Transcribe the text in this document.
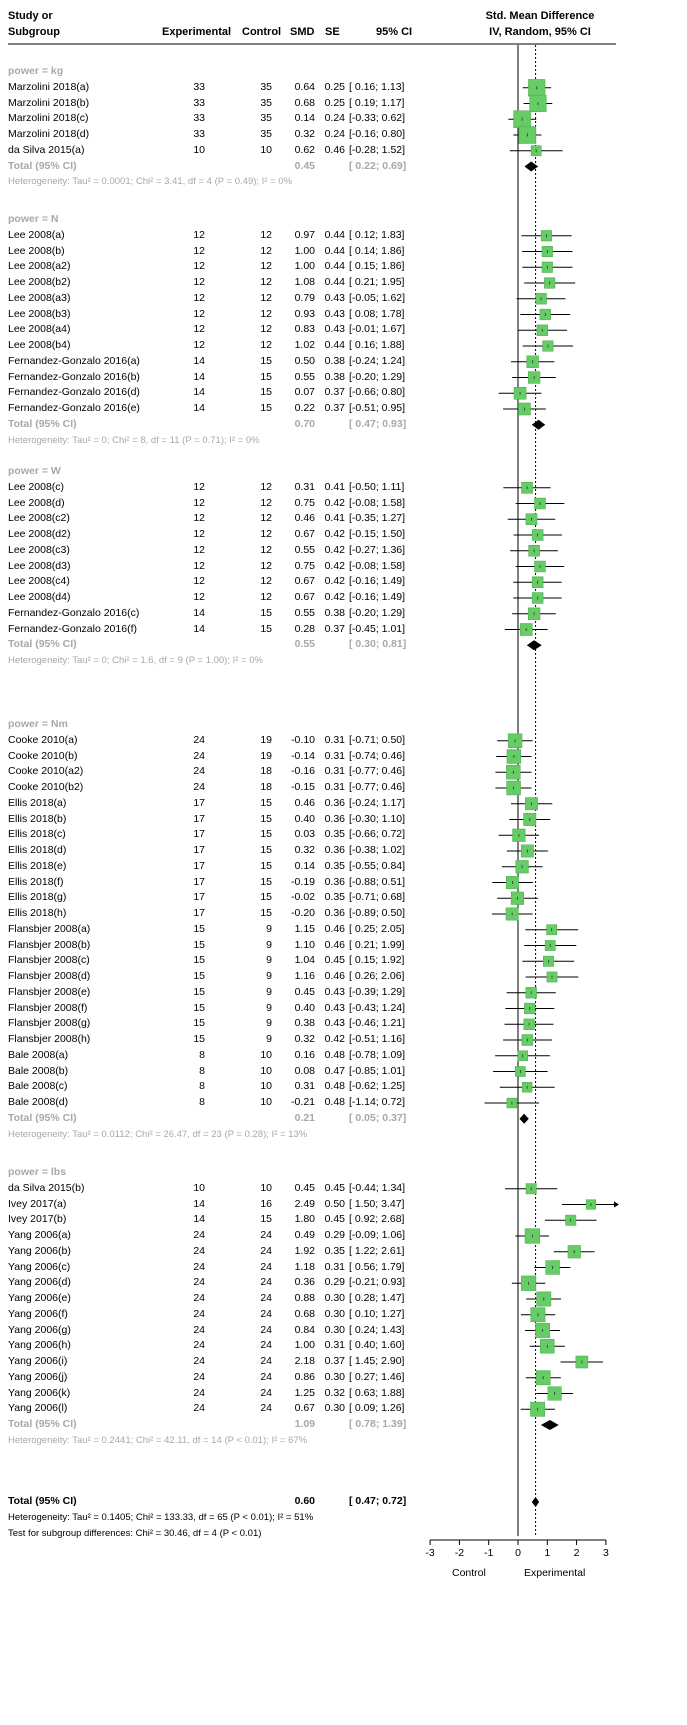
Study or
Subgroup	Experimental Control SMD SE	95% CI
Std. Mean Difference
IV, Random, 95% CI
power = kg
Marzolini 2018(a)	33	35 0.64 0.25 [ 0.16; 1.13]
Marzolini 2018(b)	33	35 0.68 0.25 [ 0.19; 1.17]
Marzolini 2018(c)	33	35 0.14 0.24 [-0.33; 0.62]
Marzolini 2018(d)	33	35 0.32 0.24 [-0.16; 0.80]
da Silva 2015(a)	10	10 0.62 0.46 [-0.28; 1.52]
Total (95% CI)	0.45	[ 0.22; 0.69]
Heterogeneity: Tau² = 0.0001; Chi² = 3.41, df = 4 (P = 0.49); I² = 0%
power = N
Lee 2008(a)	12	12 0.97 0.44 [ 0.12; 1.83]
Lee 2008(b)	12	12 1.00 0.44 [ 0.14; 1.86]
Lee 2008(a2)	12	12 1.00 0.44 [ 0.15; 1.86]
Lee 2008(b2)	12	12 1.08 0.44 [ 0.21; 1.95]
Lee 2008(a3)	12	12 0.79 0.43 [-0.05; 1.62]
Lee 2008(b3)	12	12 0.93 0.43 [ 0.08; 1.78]
Lee 2008(a4)	12	12 0.83 0.43 [-0.01; 1.67]
Lee 2008(b4)	12	12 1.02 0.44 [ 0.16; 1.88]
Fernandez-Gonzalo 2016(a)	14	15 0.50 0.38 [-0.24; 1.24]
Fernandez-Gonzalo 2016(b)	14	15 0.55 0.38 [-0.20; 1.29]
Fernandez-Gonzalo 2016(d)	14	15 0.07 0.37 [-0.66; 0.80]
Fernandez-Gonzalo 2016(e)	14	15 0.22 0.37 [-0.51; 0.95]
Total (95% CI)	0.70	[ 0.47; 0.93]
Heterogeneity: Tau² = 0; Chi² = 8, df = 11 (P = 0.71); I² = 0%
power = W
Lee 2008(c)	12	12 0.31 0.41 [-0.50; 1.11]
Lee 2008(d)	12	12 0.75 0.42 [-0.08; 1.58]
Lee 2008(c2)	12	12 0.46 0.41 [-0.35; 1.27]
Lee 2008(d2)	12	12 0.67 0.42 [-0.15; 1.50]
Lee 2008(c3)	12	12 0.55 0.42 [-0.27; 1.36]
Lee 2008(d3)	12	12 0.75 0.42 [-0.08; 1.58]
Lee 2008(c4)	12	12 0.67 0.42 [-0.16; 1.49]
Lee 2008(d4)	12	12 0.67 0.42 [-0.16; 1.49]
Fernandez-Gonzalo 2016(c)	14	15 0.55 0.38 [-0.20; 1.29]
Fernandez-Gonzalo 2016(f)	14	15 0.28 0.37 [-0.45; 1.01]
Total (95% CI)	0.55	[ 0.30; 0.81]
Heterogeneity: Tau² = 0; Chi² = 1.6, df = 9 (P = 1.00); I² = 0%
power = Nm
Cooke 2010(a)	24	19 -0.10 0.31 [-0.71; 0.50]
Cooke 2010(b)	24	19 -0.14 0.31 [-0.74; 0.46]
Cooke 2010(a2)	24	18 -0.16 0.31 [-0.77; 0.46]
Cooke 2010(b2)	24	18 -0.15 0.31 [-0.77; 0.46]
Ellis 2018(a)	17	15 0.46 0.36 [-0.24; 1.17]
Ellis 2018(b)	17	15 0.40 0.36 [-0.30; 1.10]
Ellis 2018(c)	17	15 0.03 0.35 [-0.66; 0.72]
Ellis 2018(d)	17	15 0.32 0.36 [-0.38; 1.02]
Ellis 2018(e)	17	15 0.14 0.35 [-0.55; 0.84]
Ellis 2018(f)	17	15 -0.19 0.36 [-0.88; 0.51]
Ellis 2018(g)	17	15 -0.02 0.35 [-0.71; 0.68]
Ellis 2018(h)	17	15 -0.20 0.36 [-0.89; 0.50]
Flansbjer 2008(a)	15	9 1.15 0.46 [ 0.25; 2.05]
Flansbjer 2008(b)	15	9 1.10 0.46 [ 0.21; 1.99]
Flansbjer 2008(c)	15	9 1.04 0.45 [ 0.15; 1.92]
Flansbjer 2008(d)	15	9 1.16 0.46 [ 0.26; 2.06]
Flansbjer 2008(e)	15	9 0.45 0.43 [-0.39; 1.29]
Flansbjer 2008(f)	15	9 0.40 0.43 [-0.43; 1.24]
Flansbjer 2008(g)	15	9 0.38 0.43 [-0.46; 1.21]
Flansbjer 2008(h)	15	9 0.32 0.42 [-0.51; 1.16]
Bale 2008(a)	8	10 0.16 0.48 [-0.78; 1.09]
Bale 2008(b)	8	10 0.08 0.47 [-0.85; 1.01]
Bale 2008(c)	8	10 0.31 0.48 [-0.62; 1.25]
Bale 2008(d)	8	10 -0.21 0.48 [-1.14; 0.72]
Total (95% CI)	0.21	[ 0.05; 0.37]
Heterogeneity: Tau² = 0.0112; Chi² = 26.47, df = 23 (P = 0.28); I² = 13%
power = lbs
da Silva 2015(b)	10	10 0.45 0.45 [-0.44; 1.34]
Ivey 2017(a)	14	16 2.49 0.50 [ 1.50; 3.47]
Ivey 2017(b)	14	15 1.80 0.45 [ 0.92; 2.68]
Yang 2006(a)	24	24 0.49 0.29 [-0.09; 1.06]
Yang 2006(b)	24	24 1.92 0.35 [ 1.22; 2.61]
Yang 2006(c)	24	24 1.18 0.31 [ 0.56; 1.79]
Yang 2006(d)	24	24 0.36 0.29 [-0.21; 0.93]
Yang 2006(e)	24	24 0.88 0.30 [ 0.28; 1.47]
Yang 2006(f)	24	24 0.68 0.30 [ 0.10; 1.27]
Yang 2006(g)	24	24 0.84 0.30 [ 0.24; 1.43]
Yang 2006(h)	24	24 1.00 0.31 [ 0.40; 1.60]
Yang 2006(i)	24	24 2.18 0.37 [ 1.45; 2.90]
Yang 2006(j)	24	24 0.86 0.30 [ 0.27; 1.46]
Yang 2006(k)	24	24 1.25 0.32 [ 0.63; 1.88]
Yang 2006(l)	24	24 0.67 0.30 [ 0.09; 1.26]
Total (95% CI)	1.09	[ 0.78; 1.39]
Heterogeneity: Tau² = 0.2441; Chi² = 42.11, df = 14 (P < 0.01); I² = 67%
Total (95% CI)	0.60	[ 0.47; 0.72]
Heterogeneity: Tau² = 0.1405; Chi² = 133.33, df = 65 (P < 0.01); I² = 51%
Test for subgroup differences: Chi² = 30.46, df = 4 (P < 0.01)
-3	-2	-1	0	1	2	3
Control	Experimental
